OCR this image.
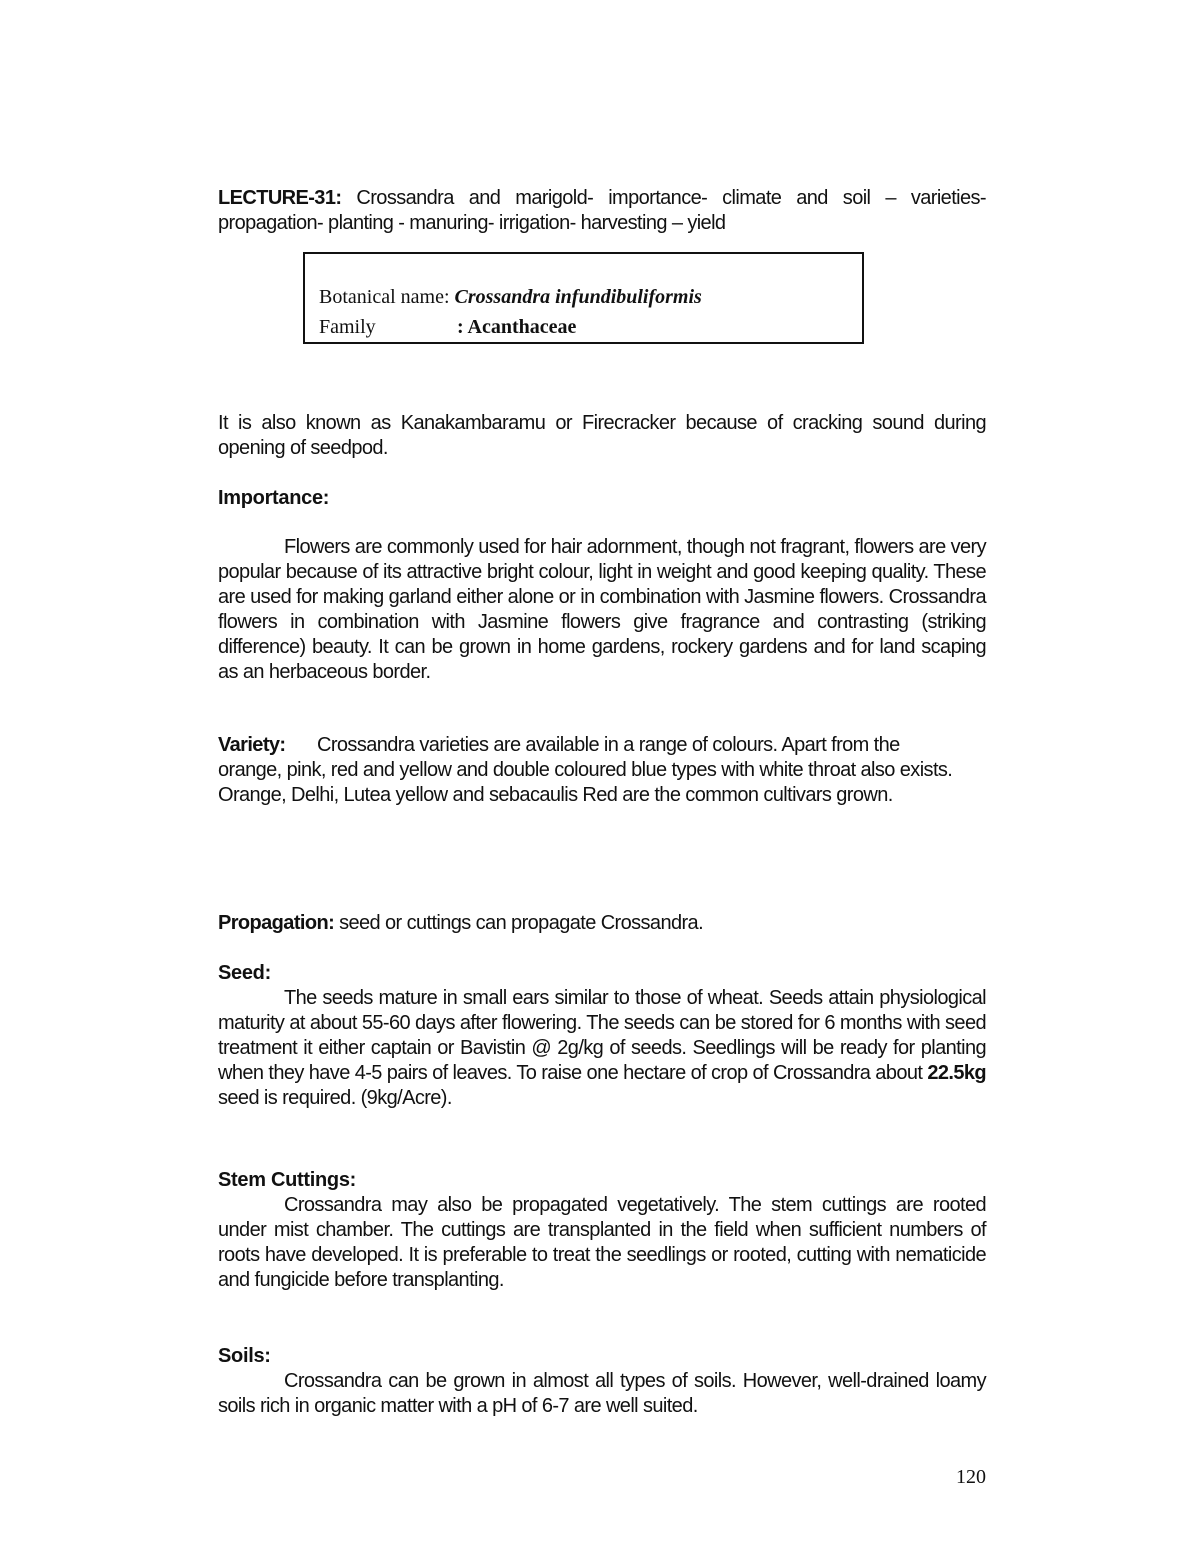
LECTURE-31: Crossandra and marigold- importance- climate and soil – varieties- propagation- planting - manuring- irrigation- harvesting – yield

Botanical name: Crossandra infundibuliformis
Family	: Acanthaceae

It is also known as Kanakambaramu or Firecracker because of cracking sound during opening of seedpod.

Importance:

Flowers are commonly used for hair adornment, though not fragrant, flowers are very popular because of its attractive bright colour, light in weight and good keeping quality. These are used for making garland either alone or in combination with Jasmine flowers. Crossandra flowers in combination with Jasmine flowers give fragrance and contrasting (striking difference) beauty. It can be grown in home gardens, rockery gardens and for land scaping as an herbaceous border.

Variety: Crossandra varieties are available in a range of colours. Apart from the
orange, pink, red and yellow and double coloured blue types with white throat also exists.
Orange, Delhi, Lutea yellow and sebacaulis Red are the common cultivars grown.

Propagation: seed or cuttings can propagate Crossandra.

Seed:

The seeds mature in small ears similar to those of wheat. Seeds attain physiological maturity at about 55-60 days after flowering. The seeds can be stored for 6 months with seed treatment it either captain or Bavistin @ 2g/kg of seeds. Seedlings will be ready for planting when they have 4-5 pairs of leaves. To raise one hectare of crop of Crossandra about 22.5kg seed is required. (9kg/Acre).

Stem Cuttings:

Crossandra may also be propagated vegetatively. The stem cuttings are rooted under mist chamber. The cuttings are transplanted in the field when sufficient numbers of roots have developed. It is preferable to treat the seedlings or rooted, cutting with nematicide and fungicide before transplanting.

Soils:

Crossandra can be grown in almost all types of soils. However, well-drained loamy soils rich in organic matter with a pH of 6-7 are well suited.

120
